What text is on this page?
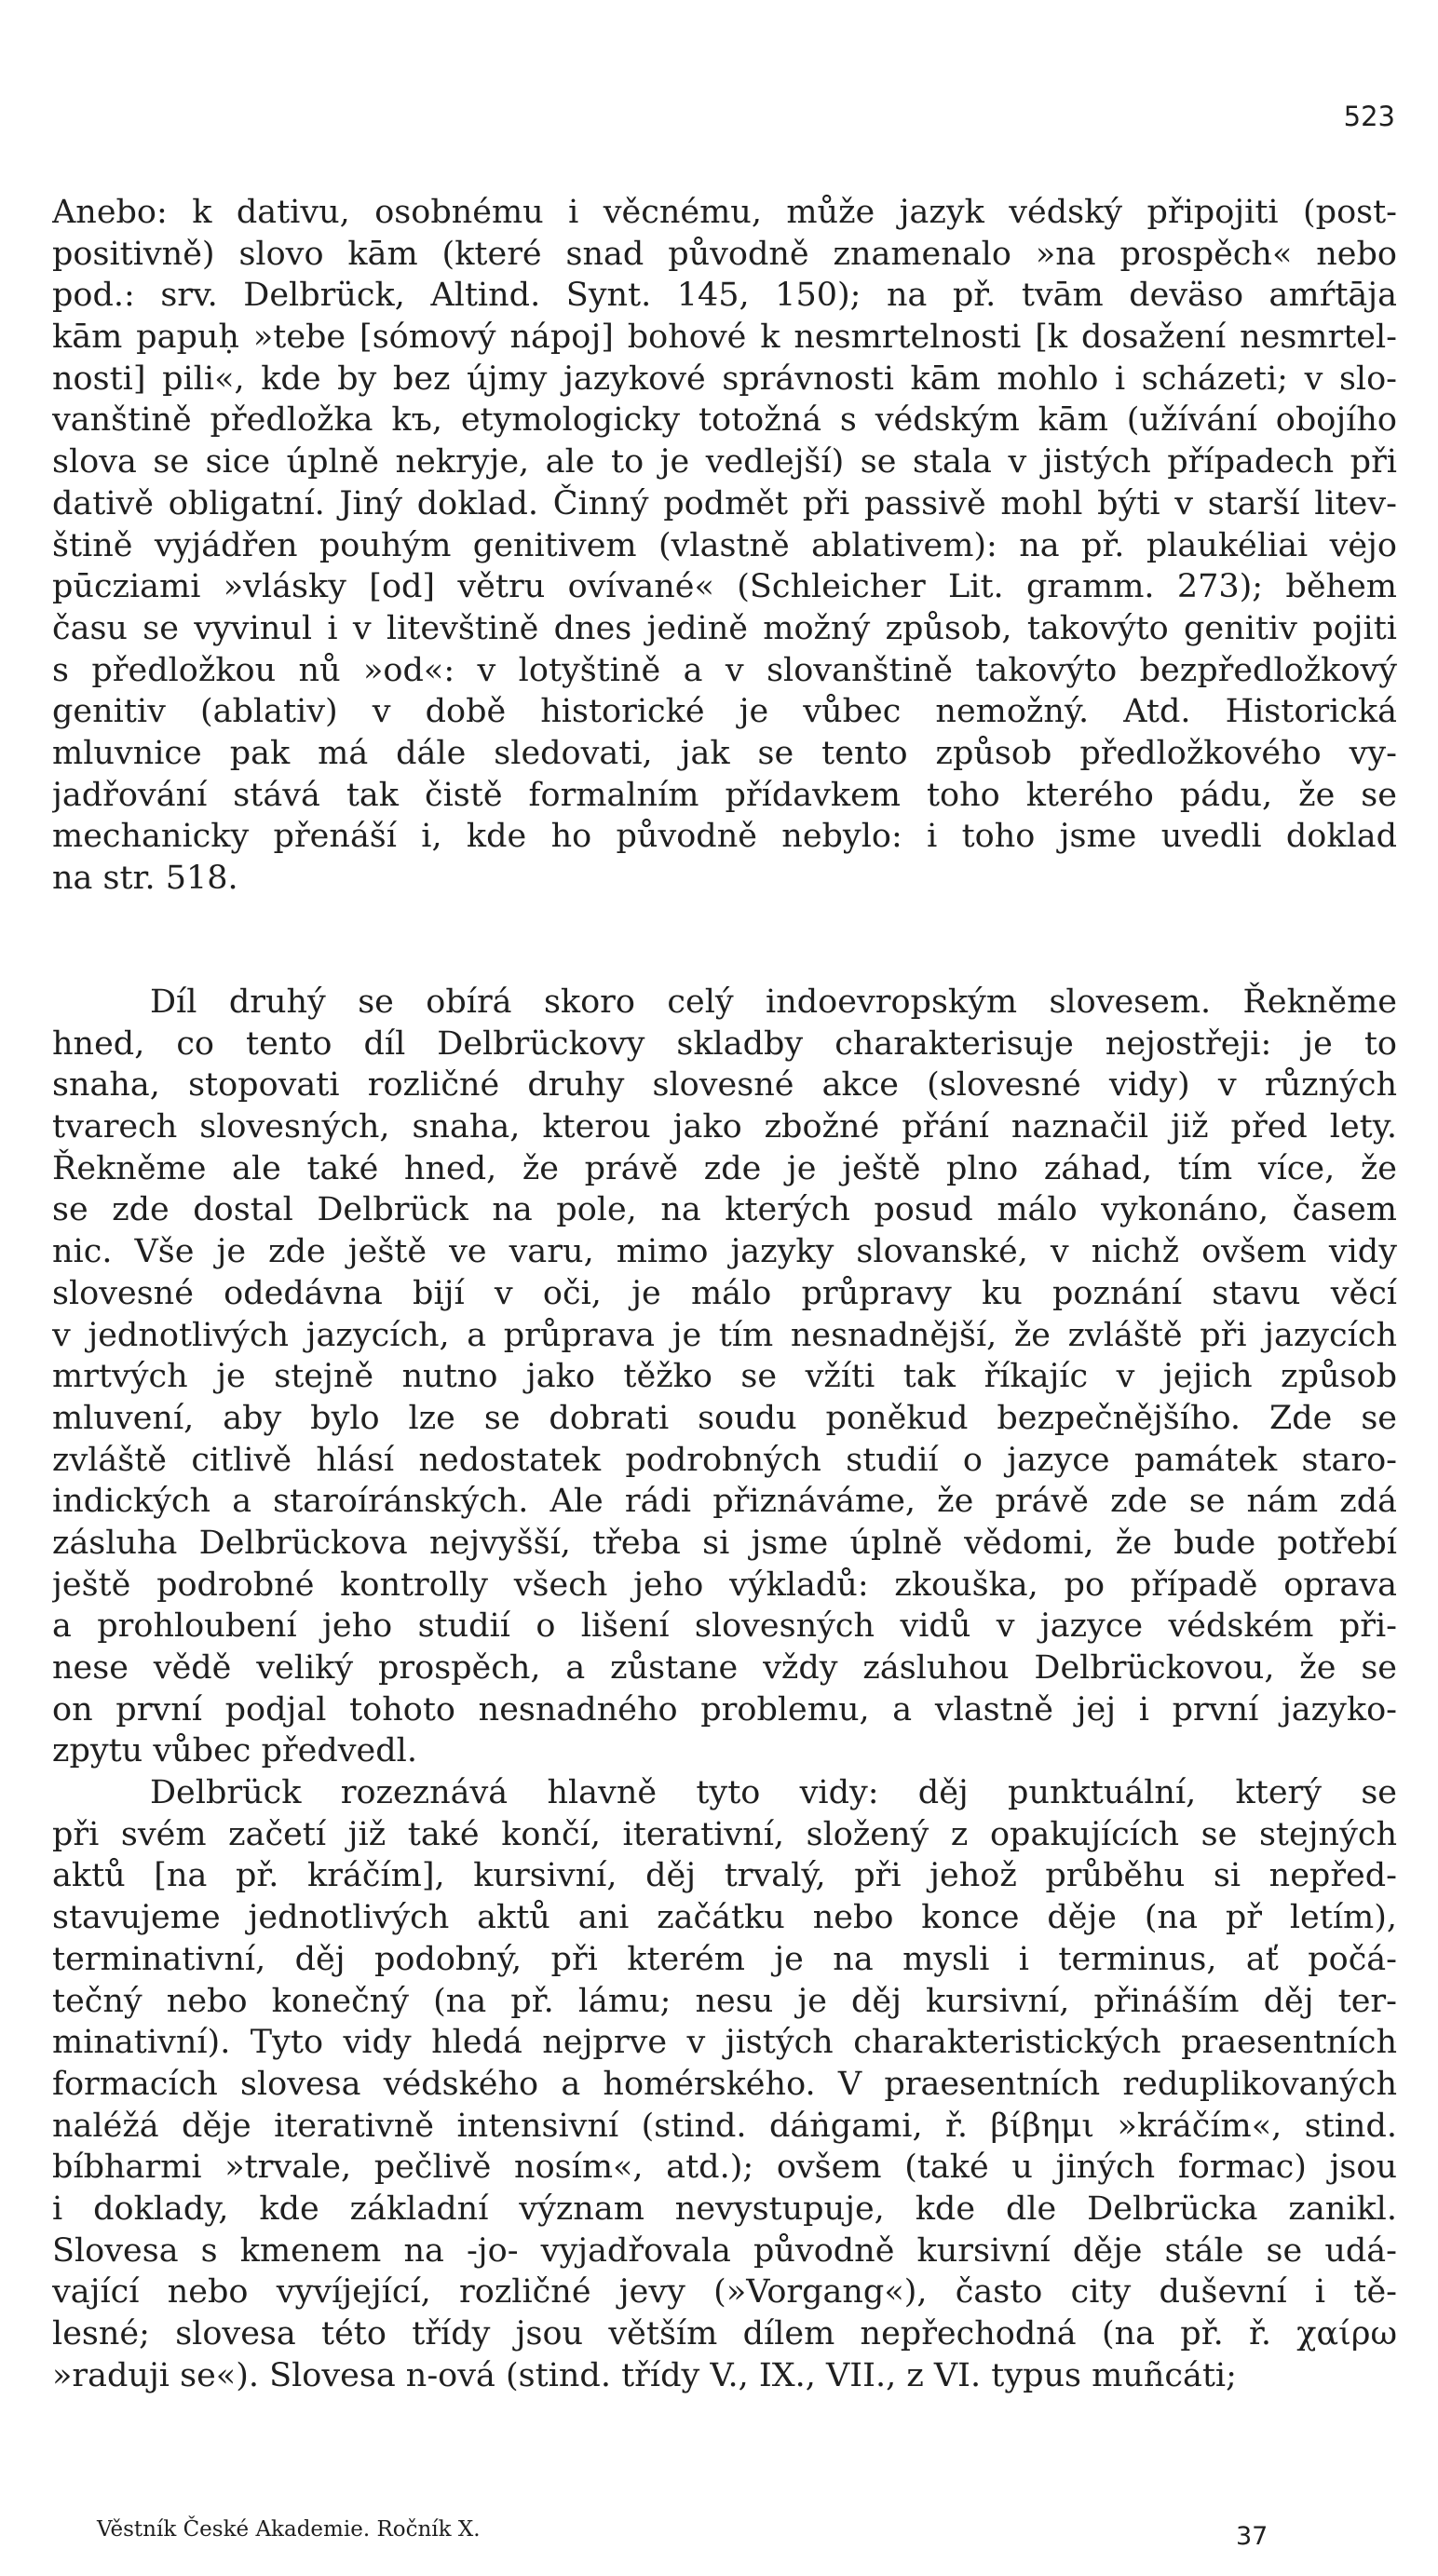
523
Anebo: k dativu, osobnému i věcnému, může jazyk védský připojiti (post-
positivně) slovo kām (které snad původně znamenalo »na prospěch« nebo
pod.: srv. Delbrück, Altind. Synt. 145, 150); na př. tvām deväso amŕtāja
kām papuḥ »tebe [sómový nápoj] bohové k nesmrtelnosti [k dosažení nesmrtel-
nosti] pili«, kde by bez újmy jazykové správnosti kām mohlo i scházeti; v slo-
vanštině předložka kъ, etymologicky totožná s védským kām (užívání obojího
slova se sice úplně nekryje, ale to je vedlejší) se stala v jistých případech při
dativě obligatní. Jiný doklad. Činný podmět při passivě mohl býti v starší litev-
štině vyjádřen pouhým genitivem (vlastně ablativem): na př. plaukéliai vėjo
pūcziami »vlásky [od] větru ovívané« (Schleicher Lit. gramm. 273); během
času se vyvinul i v litevštině dnes jedině možný způsob, takovýto genitiv pojiti
s předložkou nů »od«: v lotyštině a v slovanštině takovýto bezpředložkový
genitiv (ablativ) v době historické je vůbec nemožný. Atd. Historická
mluvnice pak má dále sledovati, jak se tento způsob předložkového vy-
jadřování stává tak čistě formalním přídavkem toho kterého pádu, že se
mechanicky přenáší i, kde ho původně nebylo: i toho jsme uvedli doklad
na str. 518.
Díl druhý se obírá skoro celý indoevropským slovesem. Řekněme
hned, co tento díl Delbrückovy skladby charakterisuje nejostřeji: je to
snaha, stopovati rozličné druhy slovesné akce (slovesné vidy) v různých
tvarech slovesných, snaha, kterou jako zbožné přání naznačil již před lety.
Řekněme ale také hned, že právě zde je ještě plno záhad, tím více, že
se zde dostal Delbrück na pole, na kterých posud málo vykonáno, časem
nic. Vše je zde ještě ve varu, mimo jazyky slovanské, v nichž ovšem vidy
slovesné odedávna bijí v oči, je málo průpravy ku poznání stavu věcí
v jednotlivých jazycích, a průprava je tím nesnadnější, že zvláště při jazycích
mrtvých je stejně nutno jako těžko se vžíti tak říkajíc v jejich způsob
mluvení, aby bylo lze se dobrati soudu poněkud bezpečnějšího. Zde se
zvláště citlivě hlásí nedostatek podrobných studií o jazyce památek staro-
indických a staroíránských. Ale rádi přiznáváme, že právě zde se nám zdá
zásluha Delbrückova nejvyšší, třeba si jsme úplně vědomi, že bude potřebí
ještě podrobné kontrolly všech jeho výkladů: zkouška, po případě oprava
a prohloubení jeho studií o lišení slovesných vidů v jazyce védském při-
nese vědě veliký prospěch, a zůstane vždy zásluhou Delbrückovou, že se
on první podjal tohoto nesnadného problemu, a vlastně jej i první jazyko-
zpytu vůbec předvedl.
Delbrück rozeznává hlavně tyto vidy: děj punktuální, který se
při svém začetí již také končí, iterativní, složený z opakujících se stejných
aktů [na př. kráčím], kursivní, děj trvalý, při jehož průběhu si nepřed-
stavujeme jednotlivých aktů ani začátku nebo konce děje (na př letím),
terminativní, děj podobný, při kterém je na mysli i terminus, ať počá-
tečný nebo konečný (na př. lámu; nesu je děj kursivní, přináším děj ter-
minativní). Tyto vidy hledá nejprve v jistých charakteristických praesentních
formacích slovesa védského a homérského. V praesentních reduplikovaných
naléžá děje iterativně intensivní (stind. dáṅgami, ř. βίβημι »kráčím«, stind.
bíbharmi »trvale, pečlivě nosím«, atd.); ovšem (také u jiných formac) jsou
i doklady, kde základní význam nevystupuje, kde dle Delbrücka zanikl.
Slovesa s kmenem na -jo- vyjadřovala původně kursivní děje stále se udá-
vající nebo vyvíjející, rozličné jevy (»Vorgang«), často city duševní i tě-
lesné; slovesa této třídy jsou větším dílem nepřechodná (na př. ř. χαίρω
»raduji se«). Slovesa n-ová (stind. třídy V., IX., VII., z VI. typus muñcáti;
Věstník České Akademie. Ročník X.	37
